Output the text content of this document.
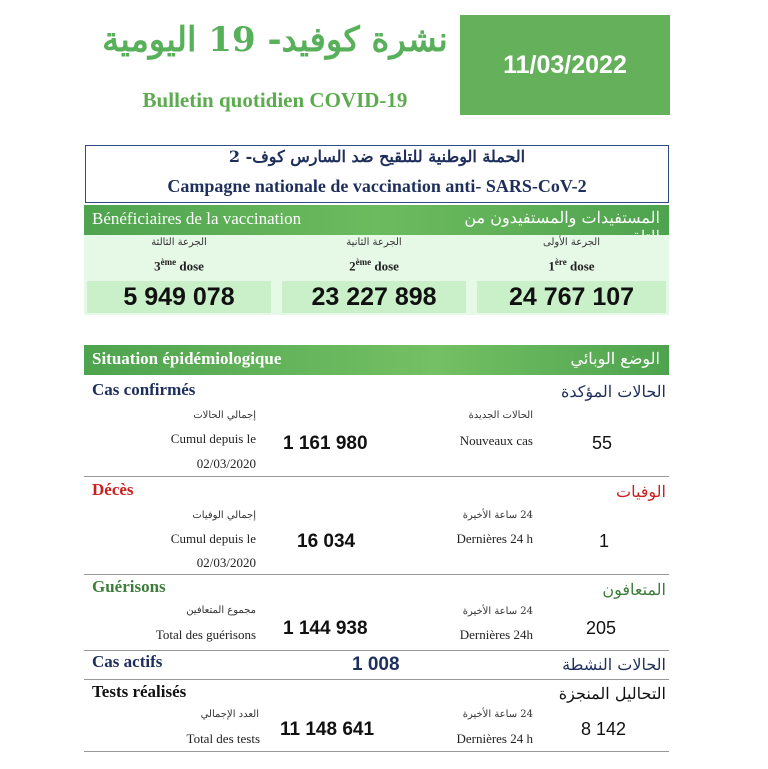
نشرة كوفيد- 19 اليومية
Bulletin quotidien COVID-19
11/03/2022
الحملة الوطنية للتلقيح ضد السارس كوف- 2
Campagne nationale de vaccination anti- SARS-CoV-2
Bénéficiaires de la vaccination	المستفيدات والمستفيدون من
الجرعة الثالثة
3ème dose
5 949 078
الجرعة الثانية
2ème dose
23 227 898
الجرعة الأولى
1ère dose
24 767 107
Situation épidémiologique	الوضع الوبائي
Cas confirmés	الحالات المؤكدة
إجمالي الحالات
Cumul depuis le
02/03/2020
1 161 980
الحالات الجديدة
Nouveaux cas	55
Décès	الوفيات
إجمالي الوفيات
Cumul depuis le
02/03/2020
16 034
24 ساعة الأخيرة
Dernières 24 h	1
Guérisons	المتعافون
مجموع المتعافين
Total des guérisons 1 144 938
24 ساعة الأخيرة
Dernières 24h	205
Cas actifs	1 008	الحالات النشطة
Tests réalisés	التحاليل المنجزة
العدد الإجمالي
Total des tests 11 148 641
24 ساعة الأخيرة
Dernières 24 h	8 142
